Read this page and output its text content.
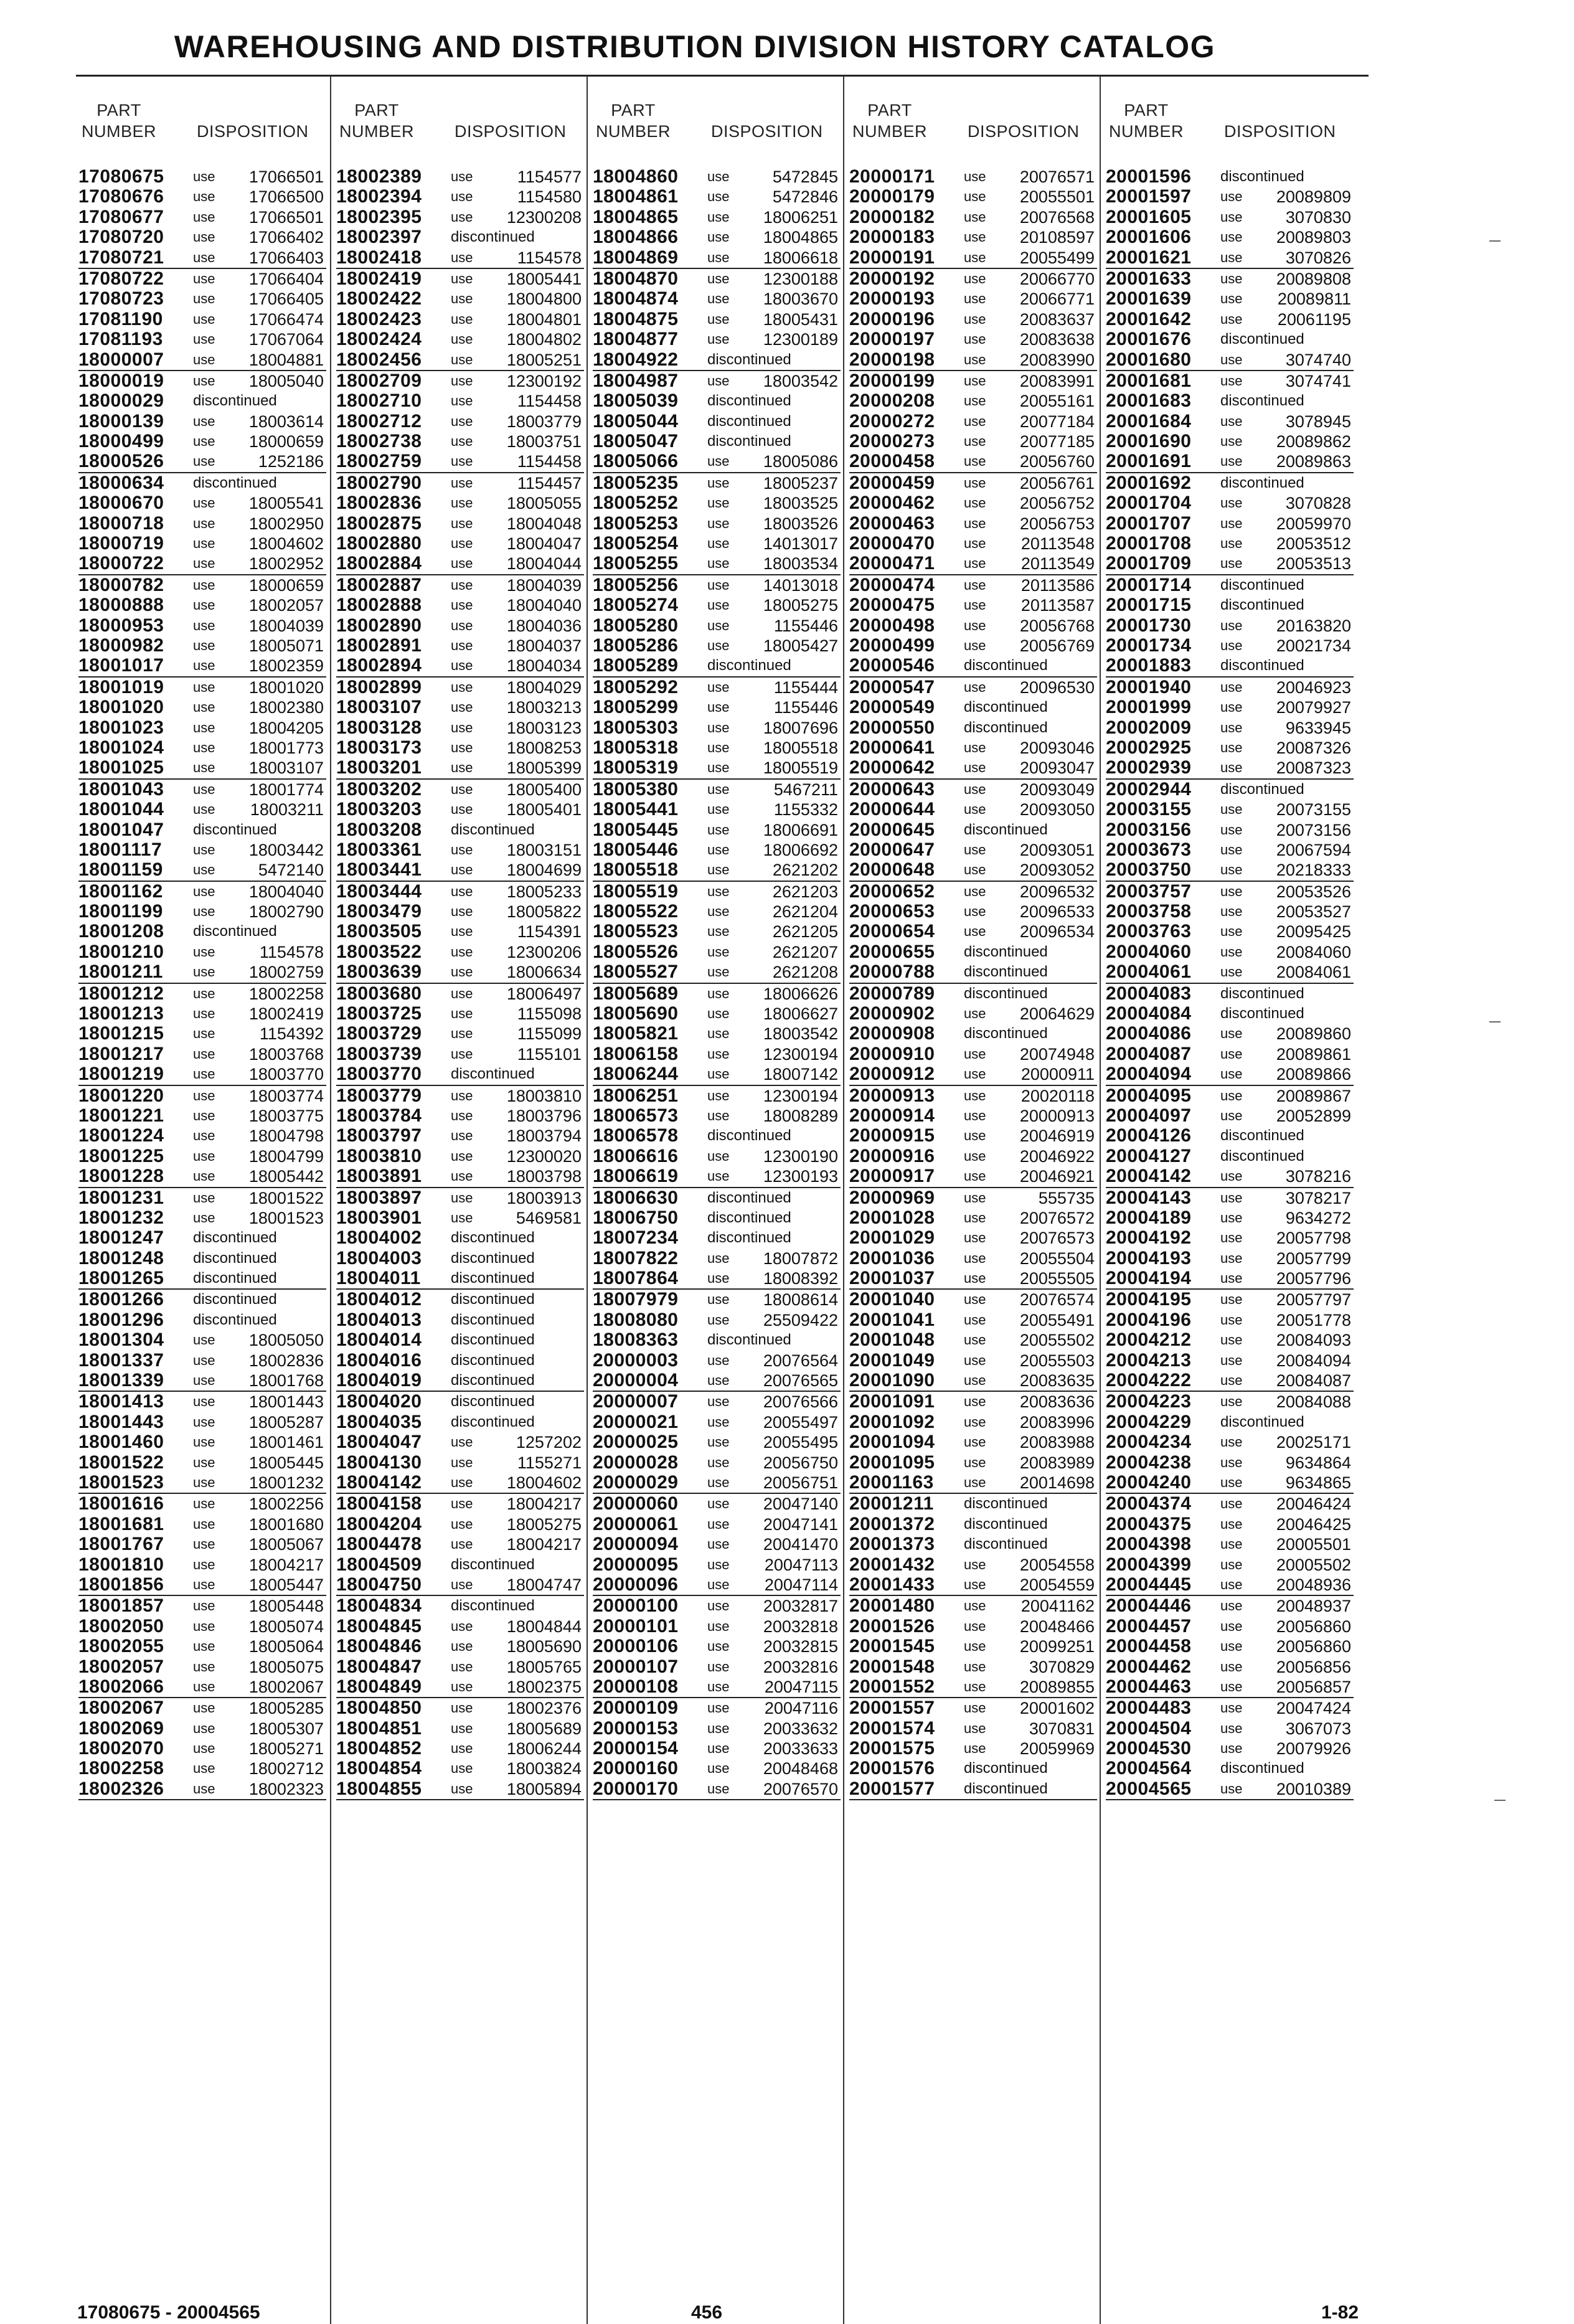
WAREHOUSING AND DISTRIBUTION DIVISION HISTORY CATALOG
PART
NUMBER DISPOSITION
PART
NUMBER DISPOSITION
PART
NUMBER DISPOSITION
PART
NUMBER DISPOSITION
PART
NUMBER DISPOSITION
17080675 use 17066501
17080676 use 17066500
17080677 use 17066501
17080720 use 17066402
17080721 use 17066403
17080722 use 17066404
17080723 use 17066405
17081190 use 17066474
17081193 use 17067064
18000007 use 18004881
18000019 use 18005040
18000029 discontinued
18000139 use 18003614
18000499 use 18000659
18000526 use	1252186
18000634 discontinued
18000670 use 18005541
18000718 use 18002950
18000719 use 18004602
18000722 use 18002952
18000782 use 18000659
18000888 use 18002057
18000953 use 18004039
18000982 use 18005071
18001017 use 18002359
18001019 use 18001020
18001020 use 18002380
18001023 use 18004205
18001024 use 18001773
18001025 use 18003107
18001043 use 18001774
18001044 use 18003211
18001047 discontinued
18001117 use 18003442
18001159 use	5472140
18001162 use 18004040
18001199 use 18002790
18001208 discontinued
18001210 use	1154578
18001211 use 18002759
18001212 use 18002258
18001213 use 18002419
18001215 use	1154392
18001217 use 18003768
18001219 use 18003770
18001220 use 18003774
18001221 use 18003775
18001224 use 18004798
18001225 use 18004799
18001228 use 18005442
18001231 use 18001522
18001232 use 18001523
18001247 discontinued
18001248 discontinued
18001265 discontinued
18001266 discontinued
18001296 discontinued
18001304 use 18005050
18001337 use 18002836
18001339 use 18001768
18001413 use 18001443
18001443 use 18005287
18001460 use 18001461
18001522 use 18005445
18001523 use 18001232
18001616 use 18002256
18001681 use 18001680
18001767 use 18005067
18001810 use 18004217
18001856 use 18005447
18001857 use 18005448
18002050 use 18005074
18002055 use 18005064
18002057 use 18005075
18002066 use 18002067
18002067 use 18005285
18002069 use 18005307
18002070 use 18005271
18002258 use 18002712
18002326 use 18002323
18002389 use	1154577
18002394 use	1154580
18002395 use 12300208
18002397 discontinued
18002418 use	1154578
18002419 use 18005441
18002422 use 18004800
18002423 use 18004801
18002424 use 18004802
18002456 use 18005251
18002709 use 12300192
18002710 use	1154458
18002712 use 18003779
18002738 use 18003751
18002759 use	1154458
18002790 use	1154457
18002836 use 18005055
18002875 use 18004048
18002880 use 18004047
18002884 use 18004044
18002887 use 18004039
18002888 use 18004040
18002890 use 18004036
18002891 use 18004037
18002894 use 18004034
18002899 use 18004029
18003107 use 18003213
18003128 use 18003123
18003173 use 18008253
18003201 use 18005399
18003202 use 18005400
18003203 use 18005401
18003208 discontinued
18003361 use 18003151
18003441 use 18004699
18003444 use 18005233
18003479 use 18005822
18003505 use	1154391
18003522 use 12300206
18003639 use 18006634
18003680 use 18006497
18003725 use	1155098
18003729 use	1155099
18003739 use	1155101
18003770 discontinued
18003779 use 18003810
18003784 use 18003796
18003797 use 18003794
18003810 use 12300020
18003891 use 18003798
18003897 use 18003913
18003901 use	5469581
18004002 discontinued
18004003 discontinued
18004011 discontinued
18004012 discontinued
18004013 discontinued
18004014 discontinued
18004016 discontinued
18004019 discontinued
18004020 discontinued
18004035 discontinued
18004047 use	1257202
18004130 use	1155271
18004142 use 18004602
18004158 use 18004217
18004204 use 18005275
18004478 use 18004217
18004509 discontinued
18004750 use 18004747
18004834 discontinued
18004845 use 18004844
18004846 use 18005690
18004847 use 18005765
18004849 use 18002375
18004850 use 18002376
18004851 use 18005689
18004852 use 18006244
18004854 use 18003824
18004855 use 18005894
18004860 use	5472845
18004861 use	5472846
18004865 use 18006251
18004866 use 18004865
18004869 use 18006618
18004870 use 12300188
18004874 use 18003670
18004875 use 18005431
18004877 use 12300189
18004922 discontinued
18004987 use 18003542
18005039 discontinued
18005044 discontinued
18005047 discontinued
18005066 use 18005086
18005235 use 18005237
18005252 use 18003525
18005253 use 18003526
18005254 use 14013017
18005255 use 18003534
18005256 use 14013018
18005274 use 18005275
18005280 use	1155446
18005286 use 18005427
18005289 discontinued
18005292 use	1155444
18005299 use	1155446
18005303 use 18007696
18005318 use 18005518
18005319 use 18005519
18005380 use	5467211
18005441 use	1155332
18005445 use 18006691
18005446 use 18006692
18005518 use	2621202
18005519 use	2621203
18005522 use	2621204
18005523 use	2621205
18005526 use	2621207
18005527 use	2621208
18005689 use 18006626
18005690 use 18006627
18005821 use 18003542
18006158 use 12300194
18006244 use 18007142
18006251 use 12300194
18006573 use 18008289
18006578 discontinued
18006616 use 12300190
18006619 use 12300193
18006630 discontinued
18006750 discontinued
18007234 discontinued
18007822 use 18007872
18007864 use 18008392
18007979 use 18008614
18008080 use 25509422
18008363 discontinued
20000003 use 20076564
20000004 use 20076565
20000007 use 20076566
20000021 use 20055497
20000025 use 20055495
20000028 use 20056750
20000029 use 20056751
20000060 use 20047140
20000061 use 20047141
20000094 use 20041470
20000095 use 20047113
20000096 use 20047114
20000100 use 20032817
20000101 use 20032818
20000106 use 20032815
20000107 use 20032816
20000108 use 20047115
20000109 use 20047116
20000153 use 20033632
20000154 use 20033633
20000160 use 20048468
20000170 use 20076570
20000171 use 20076571
20000179 use 20055501
20000182 use 20076568
20000183 use 20108597
20000191 use 20055499
20000192 use 20066770
20000193 use 20066771
20000196 use 20083637
20000197 use 20083638
20000198 use 20083990
20000199 use 20083991
20000208 use 20055161
20000272 use 20077184
20000273 use 20077185
20000458 use 20056760
20000459 use 20056761
20000462 use 20056752
20000463 use 20056753
20000470 use 20113548
20000471 use 20113549
20000474 use 20113586
20000475 use 20113587
20000498 use 20056768
20000499 use 20056769
20000546 discontinued
20000547 use 20096530
20000549 discontinued
20000550 discontinued
20000641 use 20093046
20000642 use 20093047
20000643 use 20093049
20000644 use 20093050
20000645 discontinued
20000647 use 20093051
20000648 use 20093052
20000652 use 20096532
20000653 use 20096533
20000654 use 20096534
20000655 discontinued
20000788 discontinued
20000789 discontinued
20000902 use 20064629
20000908 discontinued
20000910 use 20074948
20000912 use 20000911
20000913 use 20020118
20000914 use 20000913
20000915 use 20046919
20000916 use 20046922
20000917 use 20046921
20000969 use	555735
20001028 use 20076572
20001029 use 20076573
20001036 use 20055504
20001037 use 20055505
20001040 use 20076574
20001041 use 20055491
20001048 use 20055502
20001049 use 20055503
20001090 use 20083635
20001091 use 20083636
20001092 use 20083996
20001094 use 20083988
20001095 use 20083989
20001163 use 20014698
20001211 discontinued
20001372 discontinued
20001373 discontinued
20001432 use 20054558
20001433 use 20054559
20001480 use 20041162
20001526 use 20048466
20001545 use 20099251
20001548 use	3070829
20001552 use 20089855
20001557 use 20001602
20001574 use	3070831
20001575 use 20059969
20001576 discontinued
20001577 discontinued
20001596 discontinued
20001597 use 20089809
20001605 use	3070830
20001606 use 20089803
20001621 use	3070826
20001633 use 20089808
20001639 use 20089811
20001642 use 20061195
20001676 discontinued
20001680 use	3074740
20001681 use	3074741
20001683 discontinued
20001684 use	3078945
20001690 use 20089862
20001691 use 20089863
20001692 discontinued
20001704 use	3070828
20001707 use 20059970
20001708 use 20053512
20001709 use 20053513
20001714 discontinued
20001715 discontinued
20001730 use 20163820
20001734 use 20021734
20001883 discontinued
20001940 use 20046923
20001999 use 20079927
20002009 use	9633945
20002925 use 20087326
20002939 use 20087323
20002944 discontinued
20003155 use 20073155
20003156 use 20073156
20003673 use 20067594
20003750 use 20218333
20003757 use 20053526
20003758 use 20053527
20003763 use 20095425
20004060 use 20084060
20004061 use 20084061
20004083 discontinued
20004084 discontinued
20004086 use 20089860
20004087 use 20089861
20004094 use 20089866
20004095 use 20089867
20004097 use 20052899
20004126 discontinued
20004127 discontinued
20004142 use	3078216
20004143 use	3078217
20004189 use	9634272
20004192 use 20057798
20004193 use 20057799
20004194 use 20057796
20004195 use 20057797
20004196 use 20051778
20004212 use 20084093
20004213 use 20084094
20004222 use 20084087
20004223 use 20084088
20004229 discontinued
20004234 use 20025171
20004238 use	9634864
20004240 use	9634865
20004374 use 20046424
20004375 use 20046425
20004398 use 20005501
20004399 use 20005502
20004445 use 20048936
20004446 use 20048937
20004457 use 20056860
20004458 use 20056860
20004462 use 20056856
20004463 use 20056857
20004483 use 20047424
20004504 use	3067073
20004530 use 20079926
20004564 discontinued
20004565 use 20010389
17080675 - 20004565	456	1-82
